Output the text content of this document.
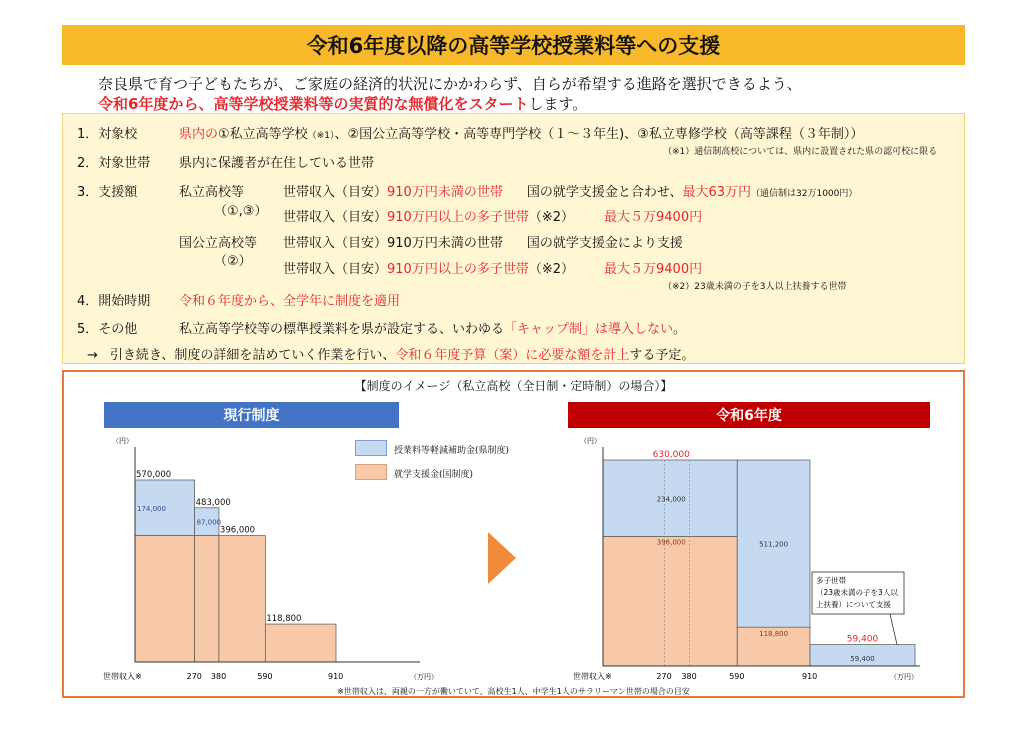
令和6年度以降の高等学校授業料等への支援
奈良県で育つ子どもたちが、ご家庭の経済的状況にかかわらず、自らが希望する進路を選択できるよう、
令和6年度から、高等学校授業料等の実質的な無償化をスタートします。
1．対象校	県内の①私立高等学校（※1）、②国公立高等学校・高等専門学校（１～３年生)、③私立専修学校（高等課程（３年制））
（※1）通信制高校については、県内に設置された県の認可校に限る
2．対象世帯 県内に保護者が在住している世帯
3．支援額	私立高校等
（①,③）
世帯収入（目安）910万円未満の世帯 国の就学支援金と合わせ、最大63万円（通信制は32万1000円）
世帯収入（目安）910万円以上の多子世帯（※2） 最大５万9400円
国公立高校等
（②）
世帯収入（目安）910万円未満の世帯 国の就学支援金により支援
世帯収入（目安）910万円以上の多子世帯（※2） 最大５万9400円
（※2）23歳未満の子を3人以上扶養する世帯
4．開始時期 令和６年度から、全学年に制度を適用
5．その他	私立高等学校等の標準授業料を県が設定する、いわゆる「キャップ制」は導入しない。
→ 引き続き、制度の詳細を詰めていく作業を行い、令和６年度予算（案）に必要な額を計上する予定。
【制度のイメージ（私立高校（全日制・定時制）の場合）】
現行制度	令和6年度
授業料等軽減補助金(県制度)
就学支援金(国制度)
174,000
570,000
87,000
483,000
396,000
118,800
（円）
世帯収入※	270 380	590	910	（万円）
630,000
234,000
396,000	511,200
118,800
59,400
59,400
多子世帯
（23歳未満の子を3人以
上扶養）について支援
（円）
世帯収入※	270 380	590	910	（万円）
※世帯収入は、両親の一方が働いていて、高校生1人、中学生1人のサラリーマン世帯の場合の目安
